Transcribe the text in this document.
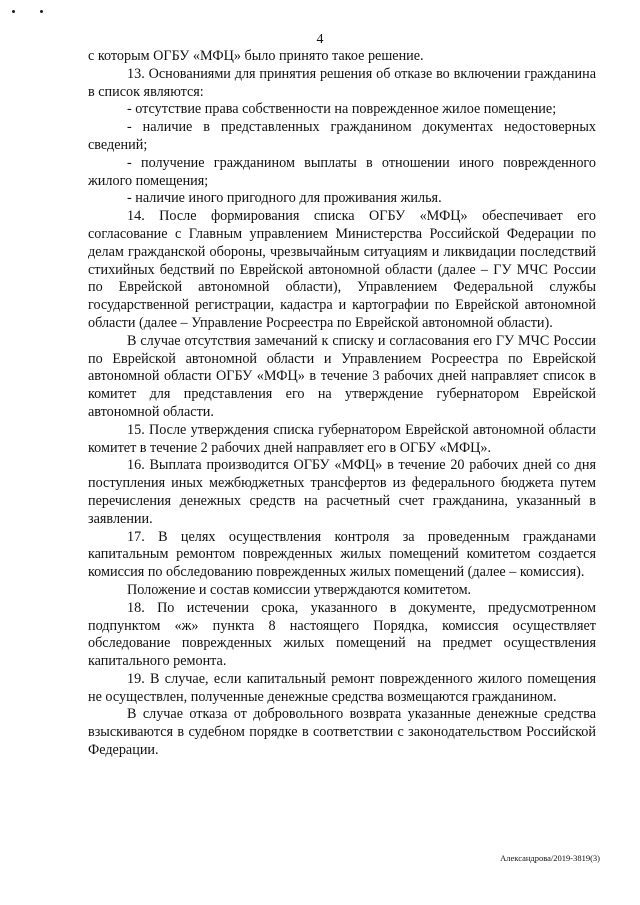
4

с которым ОГБУ «МФЦ» было принято такое решение.

13. Основаниями для принятия решения об отказе во включении гражданина в список являются:

- отсутствие права собственности на поврежденное жилое помещение;

- наличие в представленных гражданином документах недостоверных сведений;

- получение гражданином выплаты в отношении иного поврежденного жилого помещения;

- наличие иного пригодного для проживания жилья.

14. После формирования списка ОГБУ «МФЦ» обеспечивает его согласование с Главным управлением Министерства Российской Федерации по делам гражданской обороны, чрезвычайным ситуациям и ликвидации последствий стихийных бедствий по Еврейской автономной области (далее – ГУ МЧС России по Еврейской автономной области), Управлением Федеральной службы государственной регистрации, кадастра и картографии по Еврейской автономной области (далее – Управление Росреестра по Еврейской автономной области).

В случае отсутствия замечаний к списку и согласования его ГУ МЧС России по Еврейской автономной области и Управлением Росреестра по Еврейской автономной области ОГБУ «МФЦ» в течение 3 рабочих дней направляет список в комитет для представления его на утверждение губернатором Еврейской автономной области.

15. После утверждения списка губернатором Еврейской автономной области комитет в течение 2 рабочих дней направляет его в ОГБУ «МФЦ».

16. Выплата производится ОГБУ «МФЦ» в течение 20 рабочих дней со дня поступления иных межбюджетных трансфертов из федерального бюджета путем перечисления денежных средств на расчетный счет гражданина, указанный в заявлении.

17. В целях осуществления контроля за проведенным гражданами капитальным ремонтом поврежденных жилых помещений комитетом создается комиссия по обследованию поврежденных жилых помещений (далее – комиссия).

Положение и состав комиссии утверждаются комитетом.

18. По истечении срока, указанного в документе, предусмотренном подпунктом «ж» пункта 8 настоящего Порядка, комиссия осуществляет обследование поврежденных жилых помещений на предмет осуществления капитального ремонта.

19. В случае, если капитальный ремонт поврежденного жилого помещения не осуществлен, полученные денежные средства возмещаются гражданином.

В случае отказа от добровольного возврата указанные денежные средства взыскиваются в судебном порядке в соответствии с законодательством Российской Федерации.

Александрова/2019-3819(3)
